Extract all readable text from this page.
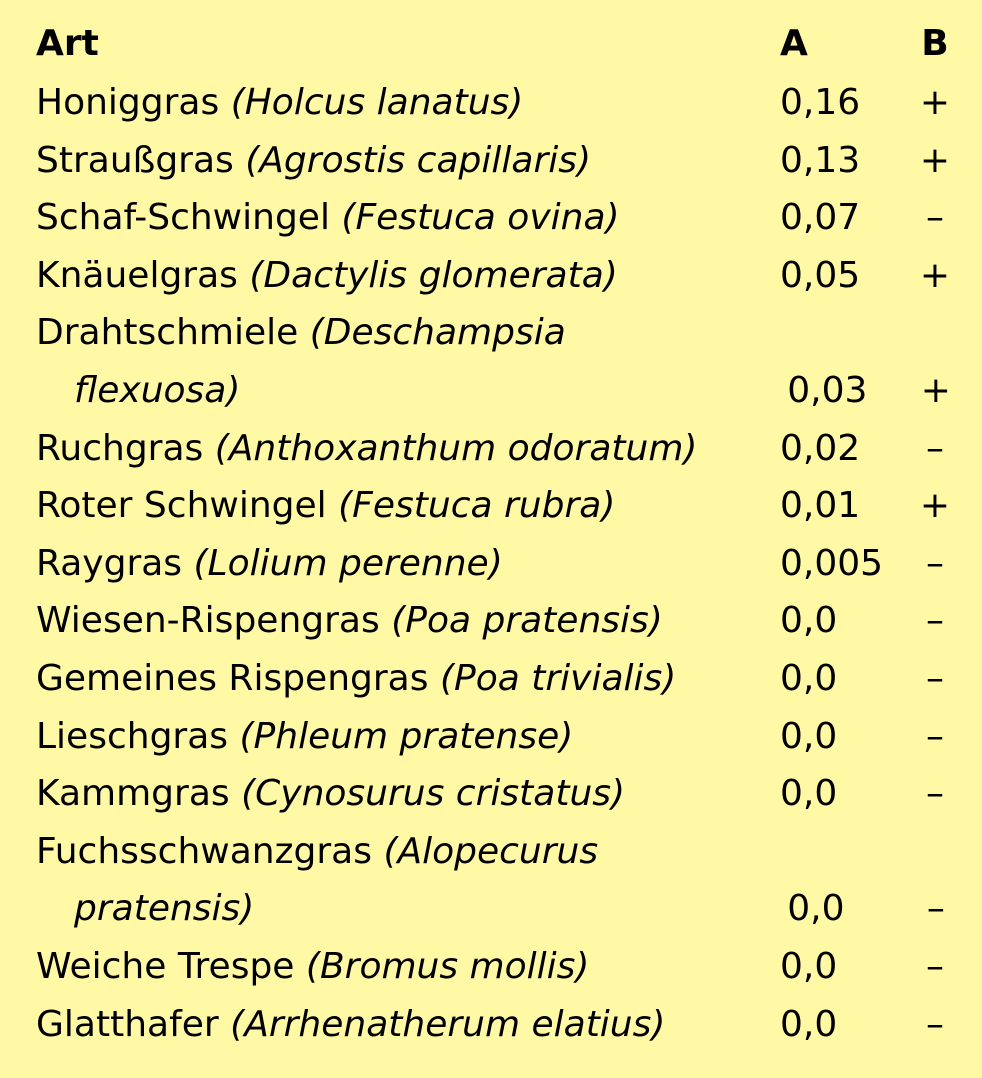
Art	A	B
Honiggras (Holcus lanatus)	0,16	+
Straußgras (Agrostis capillaris)	0,13	+
Schaf-Schwingel (Festuca ovina)	0,07	–
Knäuelgras (Dactylis glomerata)	0,05	+
Drahtschmiele (Deschampsia
flexuosa)	0,03	+
Ruchgras (Anthoxanthum odoratum)	0,02	–
Roter Schwingel (Festuca rubra)	0,01	+
Raygras (Lolium perenne)	0,005	–
Wiesen-Rispengras (Poa pratensis)	0,0	–
Gemeines Rispengras (Poa trivialis)	0,0	–
Lieschgras (Phleum pratense)	0,0	–
Kammgras (Cynosurus cristatus)	0,0	–
Fuchsschwanzgras (Alopecurus
pratensis)	0,0	–
Weiche Trespe (Bromus mollis)	0,0	–
Glatthafer (Arrhenatherum elatius)	0,0	–
